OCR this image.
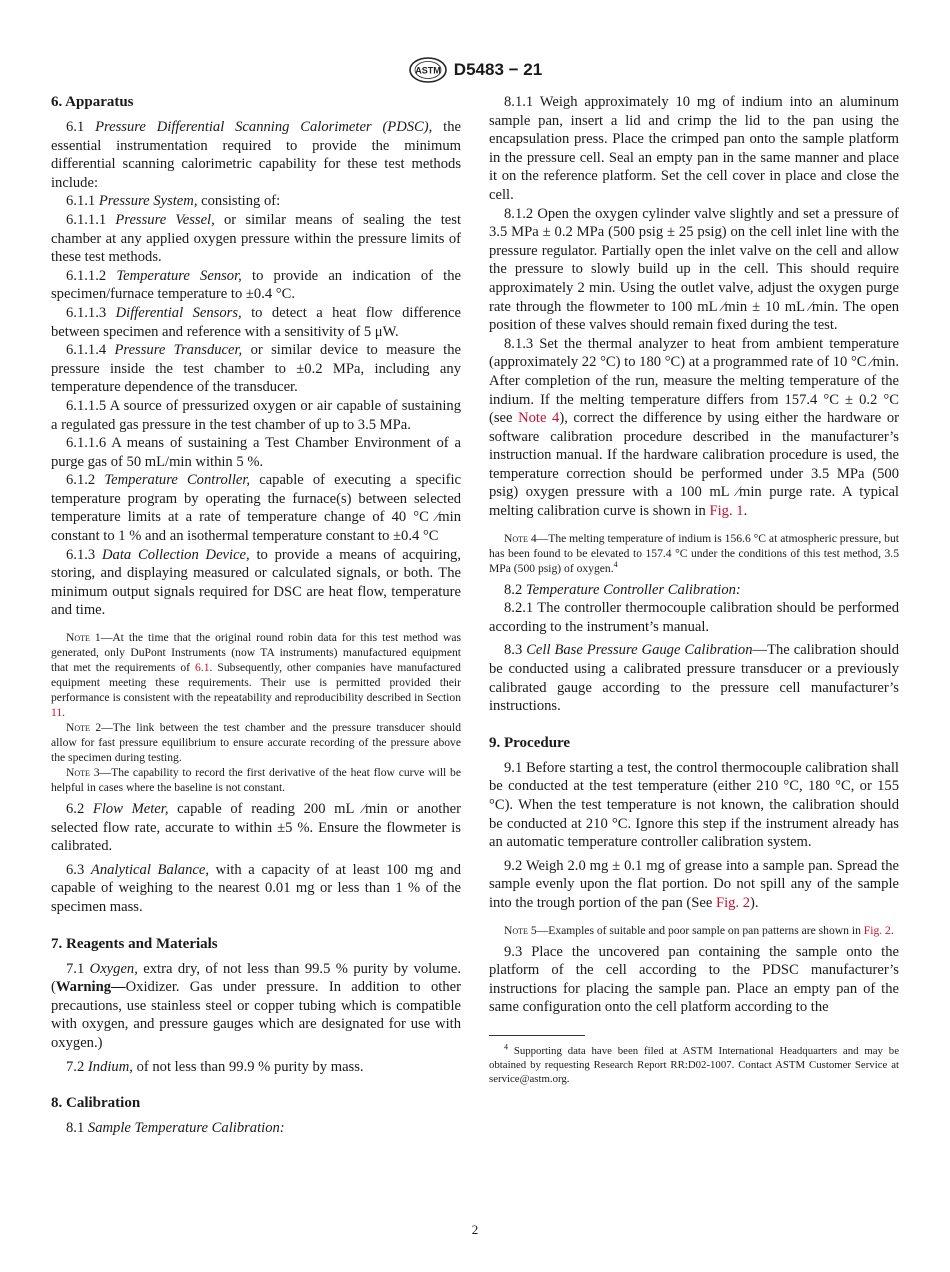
ASTM D5483 − 21
6. Apparatus

6.1 Pressure Differential Scanning Calorimeter (PDSC), the essential instrumentation required to provide the minimum differential scanning calorimetric capability for these test methods include:

6.1.1 Pressure System, consisting of:

6.1.1.1 Pressure Vessel, or similar means of sealing the test chamber at any applied oxygen pressure within the pressure limits of these test methods.

6.1.1.2 Temperature Sensor, to provide an indication of the specimen/furnace temperature to ±0.4 °C.

6.1.1.3 Differential Sensors, to detect a heat flow difference between specimen and reference with a sensitivity of 5 μW.

6.1.1.4 Pressure Transducer, or similar device to measure the pressure inside the test chamber to ±0.2 MPa, including any temperature dependence of the transducer.

6.1.1.5 A source of pressurized oxygen or air capable of sustaining a regulated gas pressure in the test chamber of up to 3.5 MPa.

6.1.1.6 A means of sustaining a Test Chamber Environment of a purge gas of 50 mL/min within 5 %.

6.1.2 Temperature Controller, capable of executing a specific temperature program by operating the furnace(s) between selected temperature limits at a rate of temperature change of 40 °C ⁄min constant to 1 % and an isothermal temperature constant to ±0.4 °C

6.1.3 Data Collection Device, to provide a means of acquiring, storing, and displaying measured or calculated signals, or both. The minimum output signals required for DSC are heat flow, temperature and time.

Note 1—At the time that the original round robin data for this test method was generated, only DuPont Instruments (now TA instruments) manufactured equipment that met the requirements of 6.1. Subsequently, other companies have manufactured equipment meeting these requirements. Their use is permitted provided their performance is consistent with the repeatability and reproducibility described in Section 11.

Note 2—The link between the test chamber and the pressure transducer should allow for fast pressure equilibrium to ensure accurate recording of the pressure above the specimen during testing.

Note 3—The capability to record the first derivative of the heat flow curve will be helpful in cases where the baseline is not constant.

6.2 Flow Meter, capable of reading 200 mL ⁄min or another selected flow rate, accurate to within ±5 %. Ensure the flowmeter is calibrated.

6.3 Analytical Balance, with a capacity of at least 100 mg and capable of weighing to the nearest 0.01 mg or less than 1 % of the specimen mass.

7. Reagents and Materials

7.1 Oxygen, extra dry, of not less than 99.5 % purity by volume. (Warning—Oxidizer. Gas under pressure. In addition to other precautions, use stainless steel or copper tubing which is compatible with oxygen, and pressure gauges which are designated for use with oxygen.)

7.2 Indium, of not less than 99.9 % purity by mass.

8. Calibration

8.1 Sample Temperature Calibration:

8.1.1 Weigh approximately 10 mg of indium into an aluminum sample pan, insert a lid and crimp the lid to the pan using the encapsulation press. Place the crimped pan onto the sample platform in the pressure cell. Seal an empty pan in the same manner and place it on the reference platform. Set the cell cover in place and close the cell.

8.1.2 Open the oxygen cylinder valve slightly and set a pressure of 3.5 MPa ± 0.2 MPa (500 psig ± 25 psig) on the cell inlet line with the pressure regulator. Partially open the inlet valve on the cell and allow the pressure to slowly build up in the cell. This should require approximately 2 min. Using the outlet valve, adjust the oxygen purge rate through the flowmeter to 100 mL ⁄min ± 10 mL ⁄min. The open position of these valves should remain fixed during the test.

8.1.3 Set the thermal analyzer to heat from ambient temperature (approximately 22 °C) to 180 °C) at a programmed rate of 10 °C ⁄min. After completion of the run, measure the melting temperature of the indium. If the melting temperature differs from 157.4 °C ± 0.2 °C (see Note 4), correct the difference by using either the hardware or software calibration procedure described in the manufacturer’s instruction manual. If the hardware calibration procedure is used, the temperature correction should be performed under 3.5 MPa (500 psig) oxygen pressure with a 100 mL ⁄min purge rate. A typical melting calibration curve is shown in Fig. 1.

Note 4—The melting temperature of indium is 156.6 °C at atmospheric pressure, but has been found to be elevated to 157.4 °C under the conditions of this test method, 3.5 MPa (500 psig) of oxygen.$^4$

8.2 Temperature Controller Calibration:

8.2.1 The controller thermocouple calibration should be performed according to the instrument’s manual.

8.3 Cell Base Pressure Gauge Calibration—The calibration should be conducted using a calibrated pressure transducer or a previously calibrated gauge according to the pressure cell manufacturer’s instructions.

9. Procedure

9.1 Before starting a test, the control thermocouple calibration shall be conducted at the test temperature (either 210 °C, 180 °C, or 155 °C). When the test temperature is not known, the calibration should be conducted at 210 °C. Ignore this step if the instrument already has an automatic temperature controller calibration system.

9.2 Weigh 2.0 mg ± 0.1 mg of grease into a sample pan. Spread the sample evenly upon the flat portion. Do not spill any of the sample into the trough portion of the pan (See Fig. 2).

Note 5—Examples of suitable and poor sample on pan patterns are shown in Fig. 2.

9.3 Place the uncovered pan containing the sample onto the platform of the cell according to the PDSC manufacturer’s instructions for placing the sample pan. Place an empty pan of the same configuration onto the cell platform according to the

$^4$ Supporting data have been filed at ASTM International Headquarters and may be obtained by requesting Research Report RR:D02-1007. Contact ASTM Customer Service at service@astm.org.

2
